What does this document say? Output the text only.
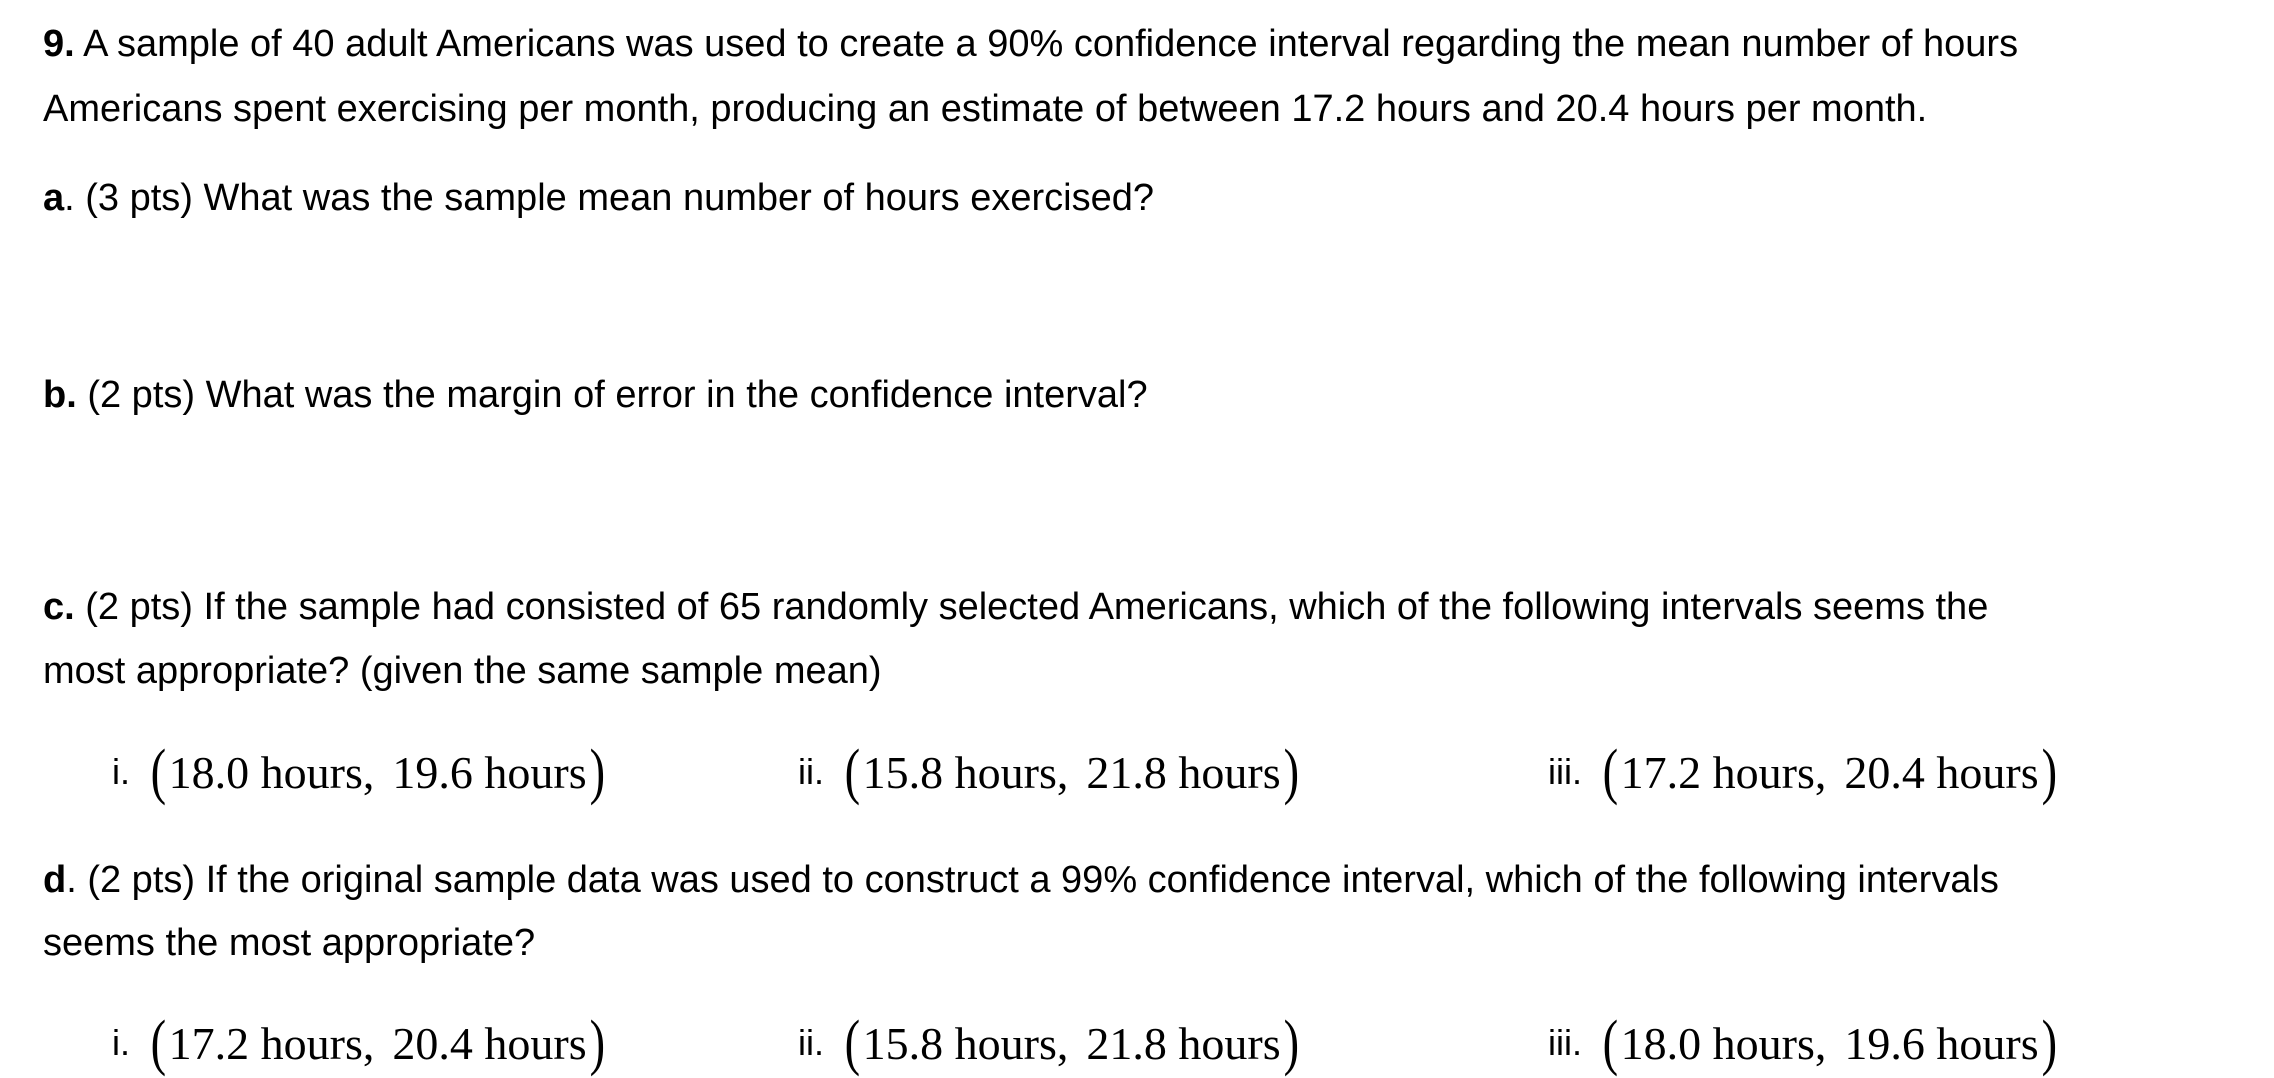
9. A sample of 40 adult Americans was used to create a 90% confidence interval regarding the mean number of hours
Americans spent exercising per month, producing an estimate of between 17.2 hours and 20.4 hours per month.
a. (3 pts) What was the sample mean number of hours exercised?
b. (2 pts) What was the margin of error in the confidence interval?
c. (2 pts) If the sample had consisted of 65 randomly selected Americans, which of the following intervals seems the
most appropriate? (given the same sample mean)
i. ( 18.0 hours, 19.6 hours )	ii. ( 15.8 hours, 21.8 hours )	iii. ( 17.2 hours, 20.4 hours )
d. (2 pts) If the original sample data was used to construct a 99% confidence interval, which of the following intervals
seems the most appropriate?
i. ( 17.2 hours, 20.4 hours )	ii. ( 15.8 hours, 21.8 hours )	iii. ( 18.0 hours, 19.6 hours )
